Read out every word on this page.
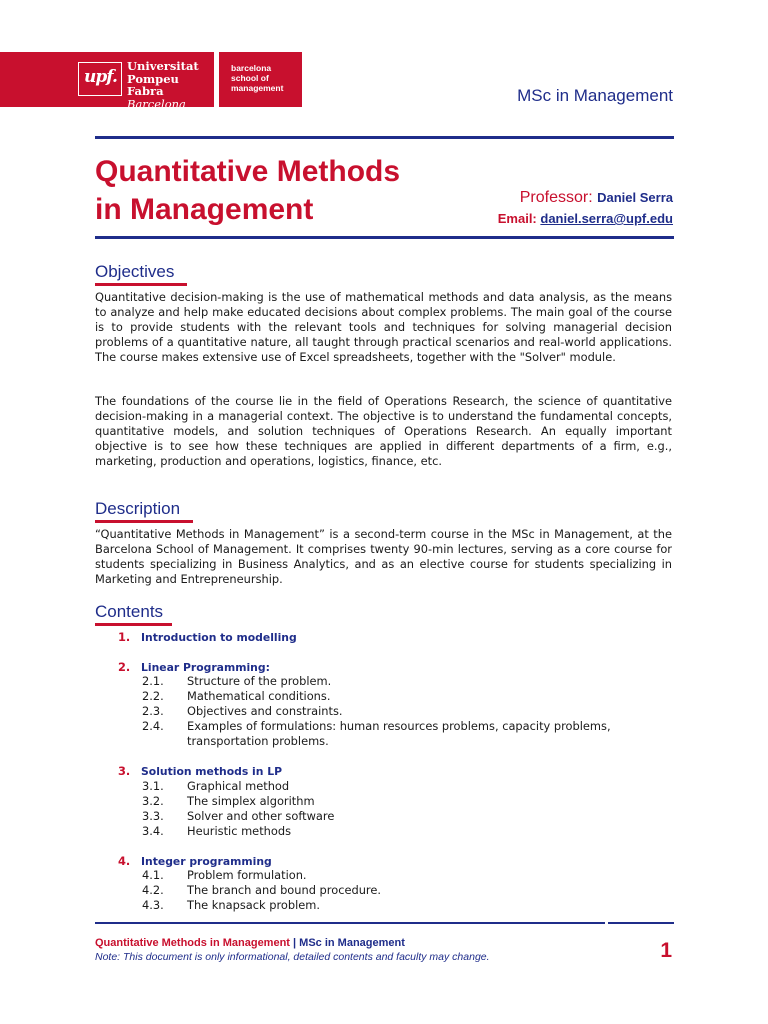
upf.
Universitat
Pompeu Fabra
Barcelona
barcelona
school of
management	MSc in Management
Quantitative Methods
in Management	Professor: Daniel Serra
Email: daniel.serra@upf.edu
Objectives
Quantitative decision-making is the use of mathematical methods and data analysis, as the means to analyze and help make educated decisions about complex problems. The main goal of the course is to provide students with the relevant tools and techniques for solving managerial decision problems of a quantitative nature, all taught through practical scenarios and real-world applications. The course makes extensive use of Excel spreadsheets, together with the "Solver" module.
The foundations of the course lie in the field of Operations Research, the science of quantitative decision-making in a managerial context. The objective is to understand the fundamental concepts, quantitative models, and solution techniques of Operations Research. An equally important objective is to see how these techniques are applied in different departments of a firm, e.g., marketing, production and operations, logistics, finance, etc.
Description
“Quantitative Methods in Management” is a second-term course in the MSc in Management, at the Barcelona School of Management. It comprises twenty 90-min lectures, serving as a core course for students specializing in Business Analytics, and as an elective course for students specializing in Marketing and Entrepreneurship.
Contents
1. Introduction to modelling
2. Linear Programming:
2.1. Structure of the problem.
2.2. Mathematical conditions.
2.3. Objectives and constraints.
2.4. Examples of formulations: human resources problems, capacity problems, transportation problems.
3. Solution methods in LP
3.1. Graphical method
3.2. The simplex algorithm
3.3. Solver and other software
3.4. Heuristic methods
4. Integer programming
4.1. Problem formulation.
4.2. The branch and bound procedure.
4.3. The knapsack problem.
Quantitative Methods in Management | MSc in Management
Note: This document is only informational, detailed contents and faculty may change.	1
